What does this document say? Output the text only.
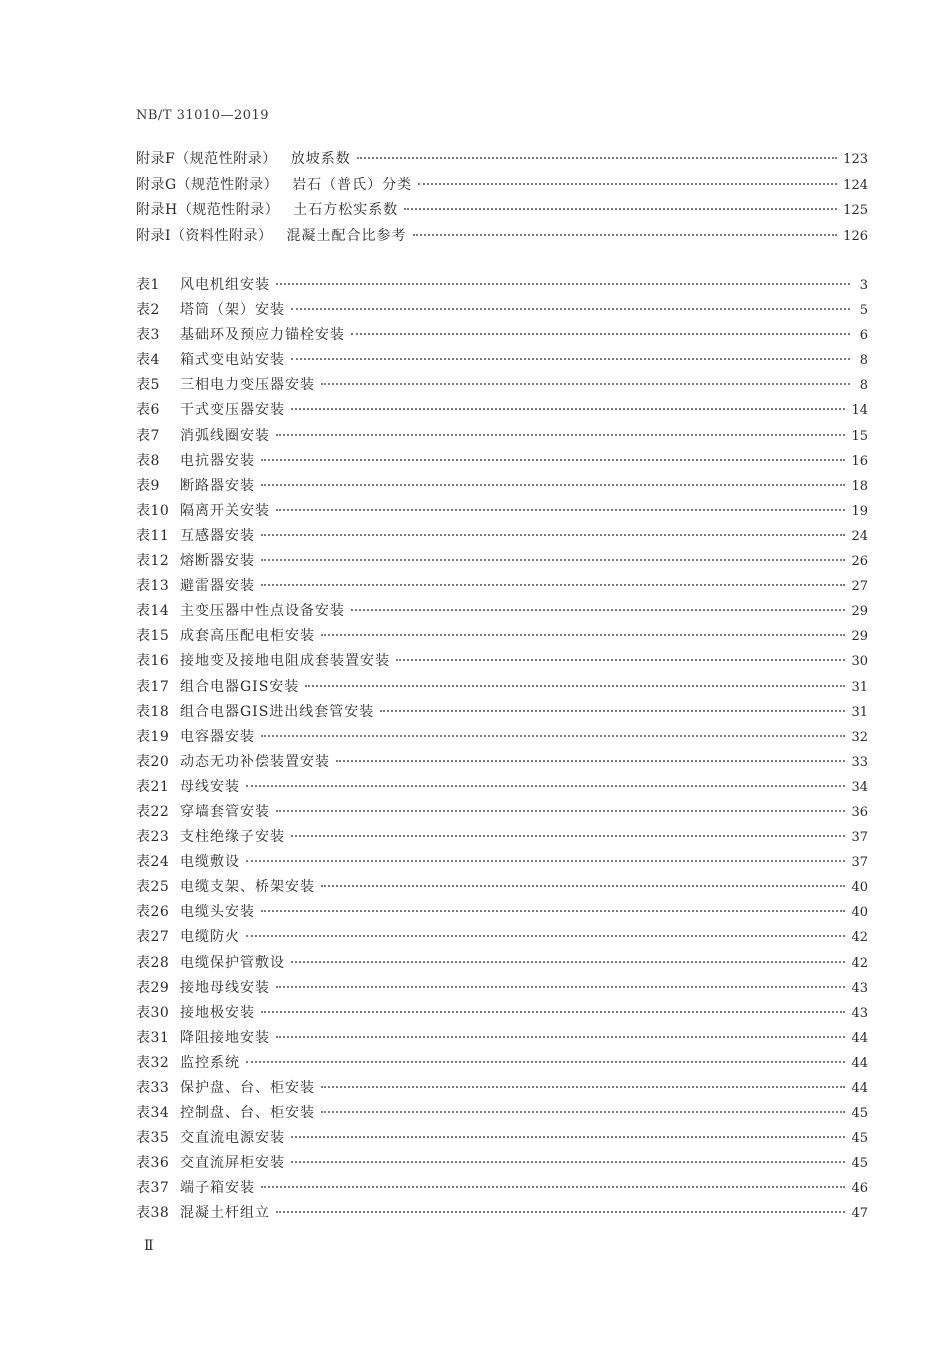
NB/T 31010—2019
附录F（规范性附录） 放坡系数	123
附录G（规范性附录） 岩石（普氏）分类	124
附录H（规范性附录） 土石方松实系数	125
附录I（资料性附录） 混凝土配合比参考	126
表1	风电机组安装	3
表2	塔筒（架）安装	5
表3	基础环及预应力锚栓安装	6
表4	箱式变电站安装	8
表5	三相电力变压器安装	8
表6	干式变压器安装	14
表7	消弧线圈安装	15
表8	电抗器安装	16
表9	断路器安装	18
表10 隔离开关安装	19
表11 互感器安装	24
表12 熔断器安装	26
表13 避雷器安装	27
表14 主变压器中性点设备安装	29
表15 成套高压配电柜安装	29
表16 接地变及接地电阻成套装置安装	30
表17 组合电器GIS安装	31
表18 组合电器GIS进出线套管安装	31
表19 电容器安装	32
表20 动态无功补偿装置安装	33
表21 母线安装	34
表22 穿墙套管安装	36
表23 支柱绝缘子安装	37
表24 电缆敷设	37
表25 电缆支架、桥架安装	40
表26 电缆头安装	40
表27 电缆防火	42
表28 电缆保护管敷设	42
表29 接地母线安装	43
表30 接地极安装	43
表31 降阻接地安装	44
表32 监控系统	44
表33 保护盘、台、柜安装	44
表34 控制盘、台、柜安装	45
表35 交直流电源安装	45
表36 交直流屏柜安装	45
表37 端子箱安装	46
表38 混凝土杆组立	47
Ⅱ
